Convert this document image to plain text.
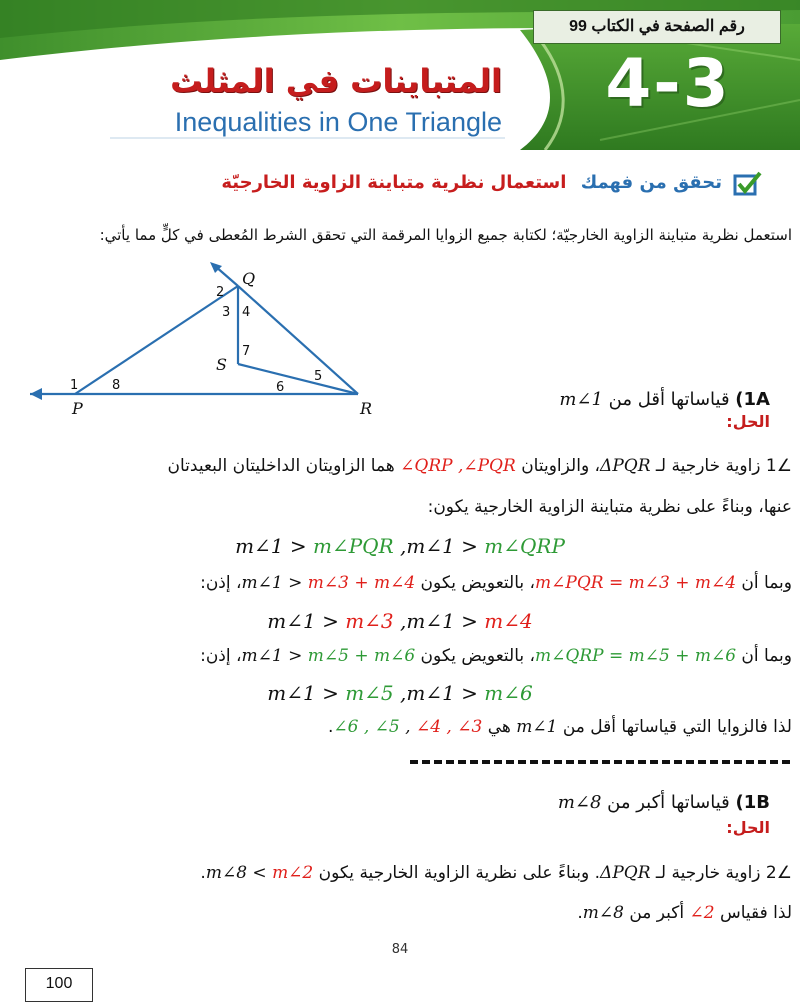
رقم الصفحة في الكتاب 99
4-3
المتباينات في المثلث
Inequalities in One Triangle
تحقق من فهمك استعمال نظرية متباينة الزاوية الخارجيّة
استعمل نظرية متباينة الزاوية الخارجيّة؛ لكتابة جميع الزوايا المرقمة التي تحقق الشرط المُعطى في كلٍّ مما يأتي:
Q
S
P	R
1
2
3 4
5
6
7
8
1A) قياساتها أقل من m∠1
الحل:
∠1 زاوية خارجية لـ ΔPQR، والزاويتان ∠QRP ,∠PQR هما الزاويتان الداخليتان البعيدتان
عنها، وبناءً على نظرية متباينة الزاوية الخارجية يكون:
m∠1 > m∠PQR ,m∠1 > m∠QRP
وبما أن m∠PQR = m∠3 + m∠4، بالتعويض يكون m∠1 > m∠3 + m∠4، إذن:
m∠1 > m∠3 ,m∠1 > m∠4
وبما أن m∠QRP = m∠5 + m∠6، بالتعويض يكون m∠1 > m∠5 + m∠6، إذن:
m∠1 > m∠5 ,m∠1 > m∠6
لذا فالزوايا التي قياساتها أقل من m∠1 هي ∠6 , ∠5 , ∠4 , ∠3.
1B) قياساتها أكبر من m∠8
الحل:
∠2 زاوية خارجية لـ ΔPQR. وبناءً على نظرية الزاوية الخارجية يكون m∠8 < m∠2.
لذا فقياس ∠2 أكبر من m∠8.
84
100
